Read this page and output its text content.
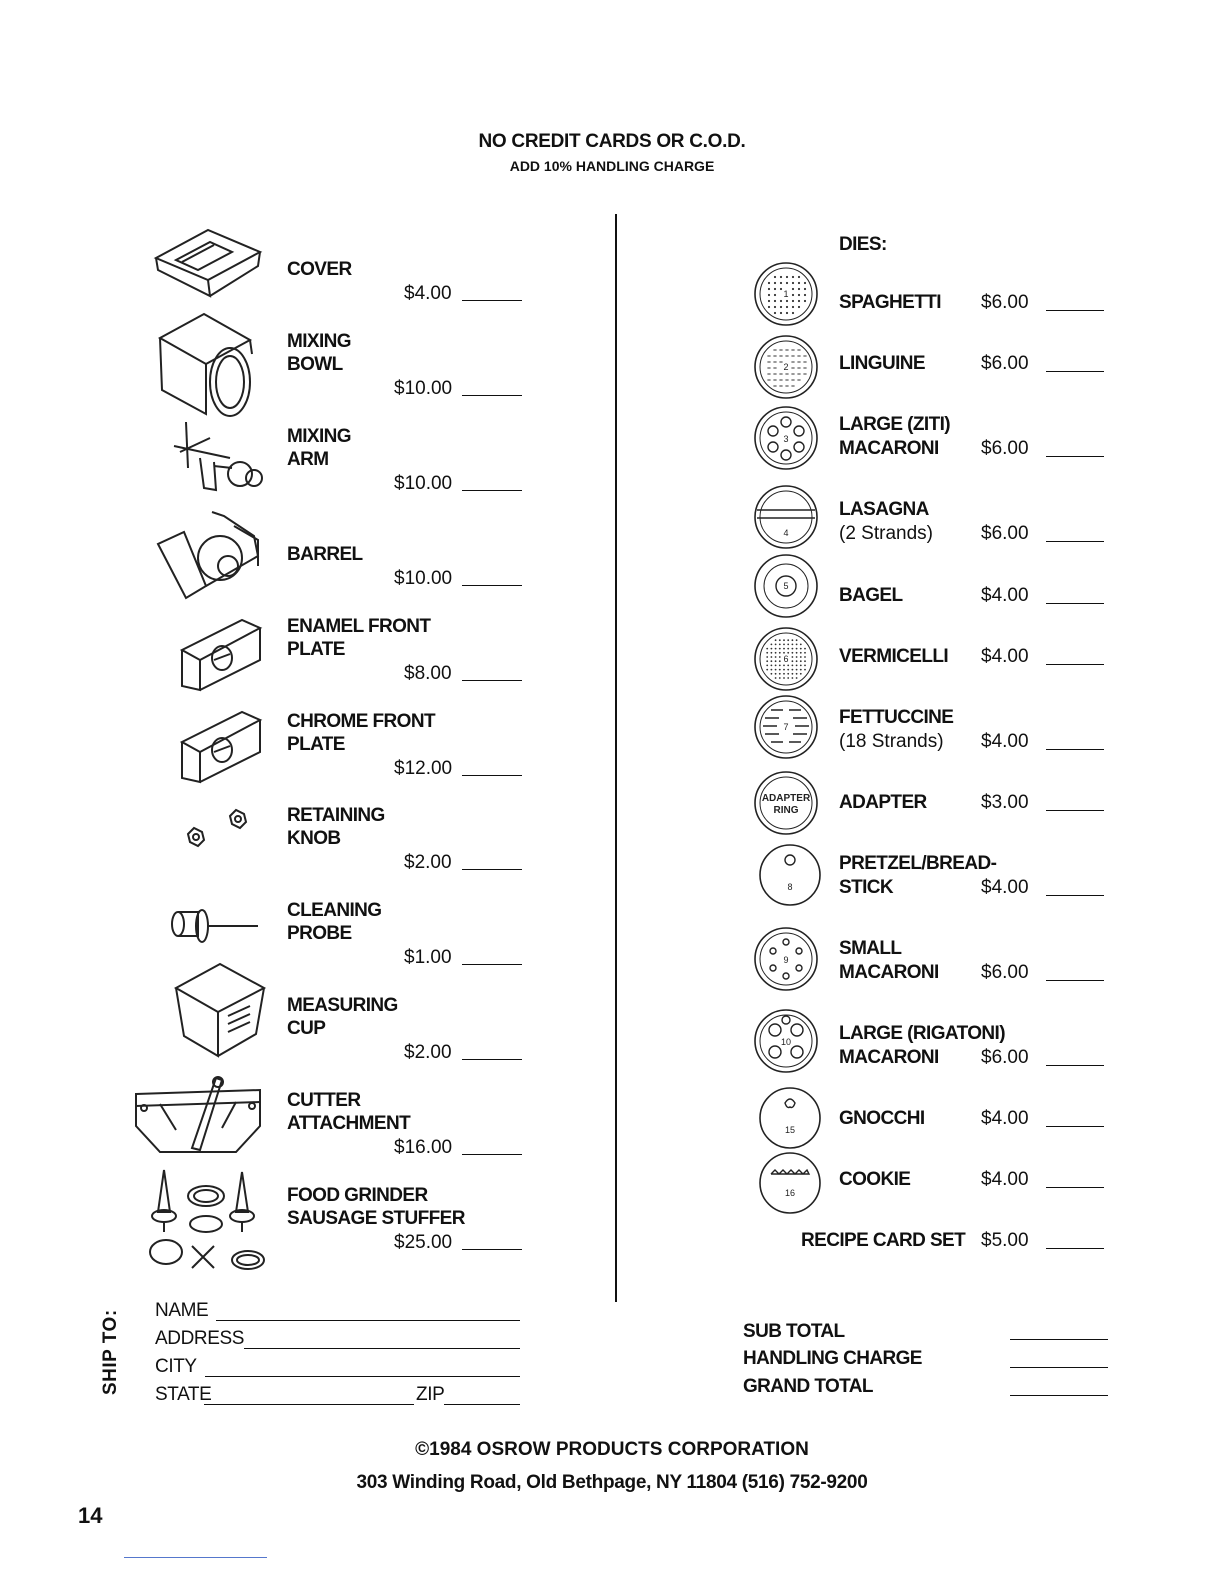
NO CREDIT CARDS OR C.O.D.
ADD 10% HANDLING CHARGE
COVER
$4.00
MIXING
BOWL
$10.00
MIXING
ARM
$10.00
BARREL
$10.00
ENAMEL FRONT
PLATE
$8.00
CHROME FRONT
PLATE
$12.00
RETAINING
KNOB
$2.00
CLEANING
PROBE
$1.00
MEASURING
CUP
$2.00
CUTTER
ATTACHMENT
$16.00
FOOD GRINDER
SAUSAGE STUFFER
$25.00
DIES:
1	SPAGHETTI $6.00
2	LINGUINE	$6.00
3
LARGE (ZITI)
MACARONI $6.00
4
LASAGNA
(2 Strands)	$6.00
5	BAGEL	$4.00
6	VERMICELLI $4.00
7	FETTUCCINE
(18 Strands) $4.00
ADAPTER
RING ADAPTER	$3.00
8
PRETZEL/BREAD-
STICK	$4.00
9
SMALL
MACARONI $6.00
10	LARGE (RIGATONI)
MACARONI $6.00
15
GNOCCHI	$4.00
16
COOKIE	$4.00
RECIPE CARD SET $5.00
SHIP TO: NAME
ADDRESS
CITY
STATE	ZIP
SUB TOTAL
HANDLING CHARGE
GRAND TOTAL
©1984 OSROW PRODUCTS CORPORATION
303 Winding Road, Old Bethpage, NY 11804 (516) 752-9200
14
